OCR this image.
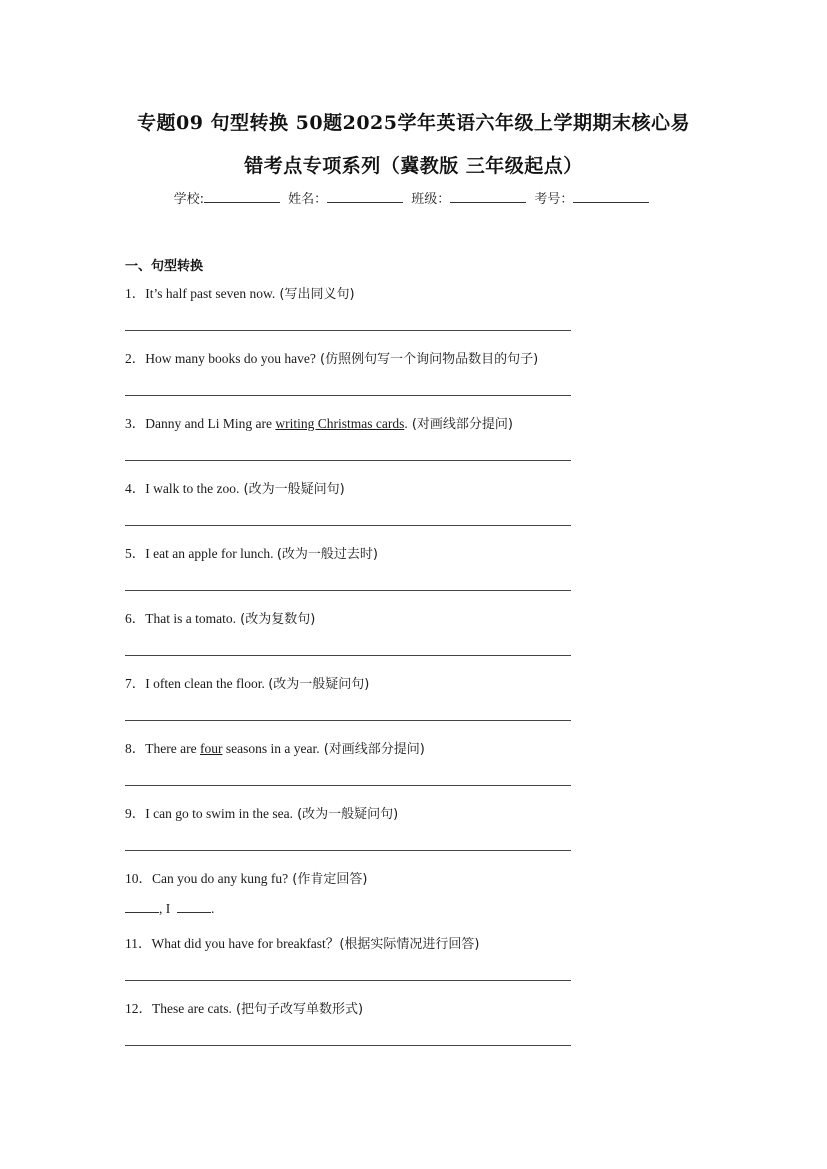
专题09 句型转换 50题2025学年英语六年级上学期期末核心易
错考点专项系列（冀教版 三年级起点）
学校:	姓名：	班级：	考号：
一、句型转换
1．It’s half past seven now. (写出同义句)
2．How many books do you have? (仿照例句写一个询问物品数目的句子)
3．Danny and Li Ming are writing Christmas cards. (对画线部分提问)
4．I walk to the zoo. (改为一般疑问句)
5．I eat an apple for lunch. (改为一般过去时)
6．That is a tomato. (改为复数句)
7．I often clean the floor. (改为一般疑问句)
8．There are four seasons in a year. (对画线部分提问)
9．I can go to swim in the sea. (改为一般疑问句)
10．Can you do any kung fu? (作肯定回答)
, I	.
11．What did you have for breakfast？(根据实际情况进行回答)
12．These are cats. (把句子改写单数形式)
